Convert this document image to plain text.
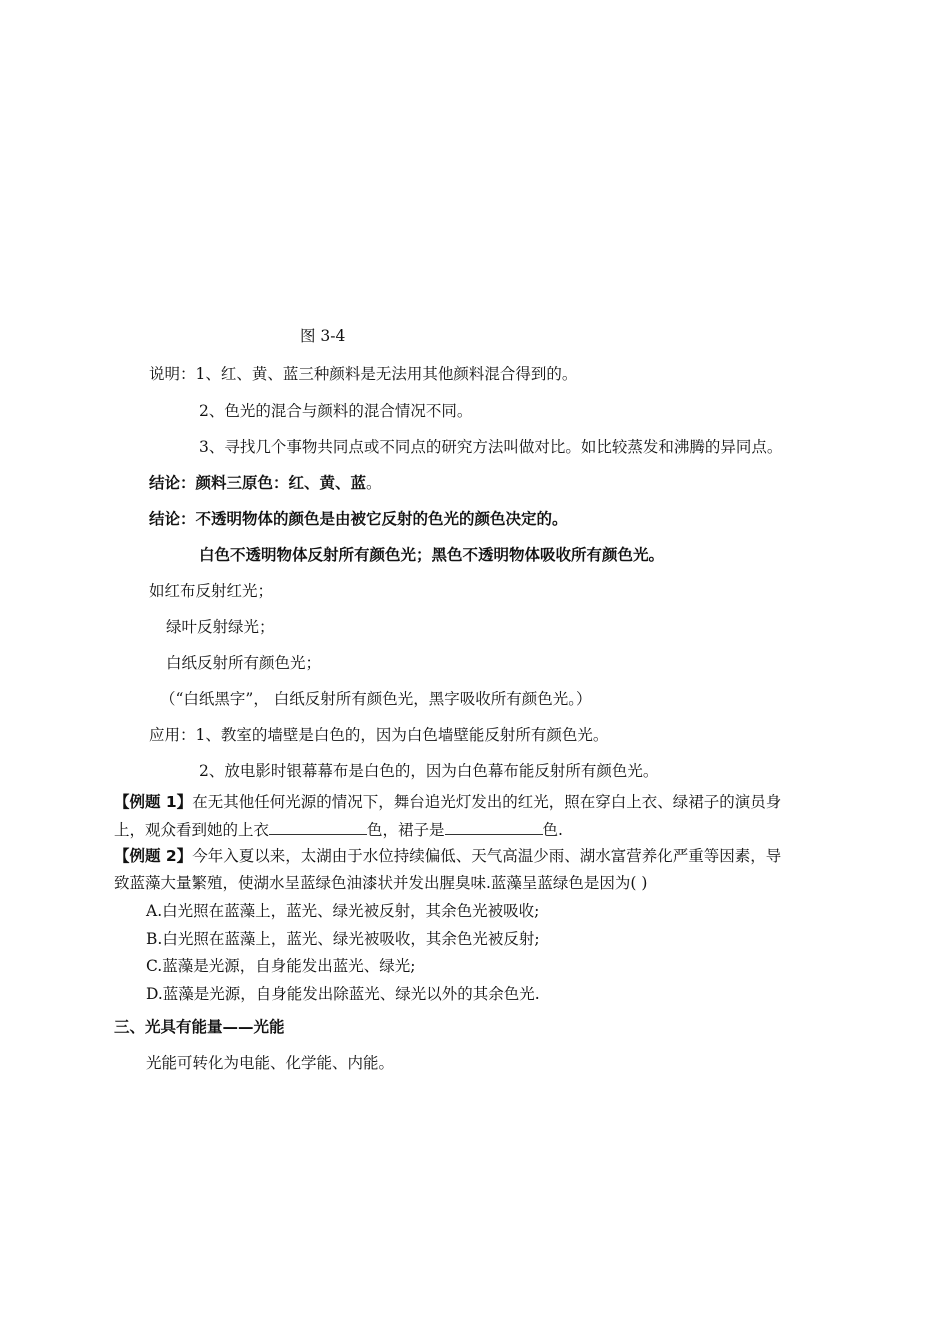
图 3-4
说明：1、红、黄、蓝三种颜料是无法用其他颜料混合得到的。
2、色光的混合与颜料的混合情况不同。
3、寻找几个事物共同点或不同点的研究方法叫做对比。如比较蒸发和沸腾的异同点。
结论：颜料三原色：红、黄、蓝。
结论：不透明物体的颜色是由被它反射的色光的颜色决定的。
白色不透明物体反射所有颜色光；黑色不透明物体吸收所有颜色光。
如红布反射红光；
绿叶反射绿光；
白纸反射所有颜色光；
（“白纸黑字”， 白纸反射所有颜色光，黑字吸收所有颜色光。）
应用：1、教室的墙壁是白色的，因为白色墙壁能反射所有颜色光。
2、放电影时银幕幕布是白色的，因为白色幕布能反射所有颜色光。
【例题 1】在无其他任何光源的情况下，舞台追光灯发出的红光，照在穿白上衣、绿裙子的演员身
上，观众看到她的上衣	色，裙子是	色.
【例题 2】今年入夏以来，太湖由于水位持续偏低、天气高温少雨、湖水富营养化严重等因素，导
致蓝藻大量繁殖，使湖水呈蓝绿色油漆状并发出腥臭味.蓝藻呈蓝绿色是因为( )
A.白光照在蓝藻上，蓝光、绿光被反射，其余色光被吸收;
B.白光照在蓝藻上，蓝光、绿光被吸收，其余色光被反射;
C.蓝藻是光源，自身能发出蓝光、绿光;
D.蓝藻是光源，自身能发出除蓝光、绿光以外的其余色光.
三、光具有能量——光能
光能可转化为电能、化学能、内能。
